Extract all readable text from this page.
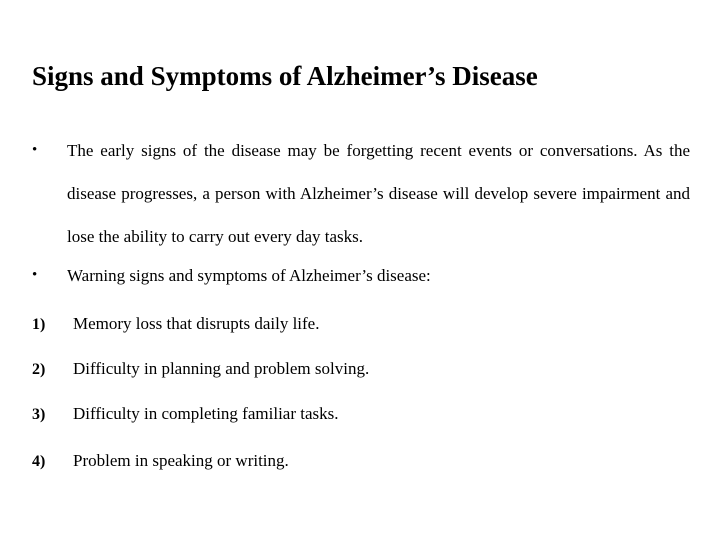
Signs and Symptoms of Alzheimer’s Disease
• The early signs of the disease may be forgetting recent events or conversations. As the disease progresses, a person with Alzheimer’s disease will develop severe impairment and lose the ability to carry out every day tasks.
• Warning signs and symptoms of Alzheimer’s disease:
1) Memory loss that disrupts daily life.
2) Difficulty in planning and problem solving.
3) Difficulty in completing familiar tasks.
4) Problem in speaking or writing.
